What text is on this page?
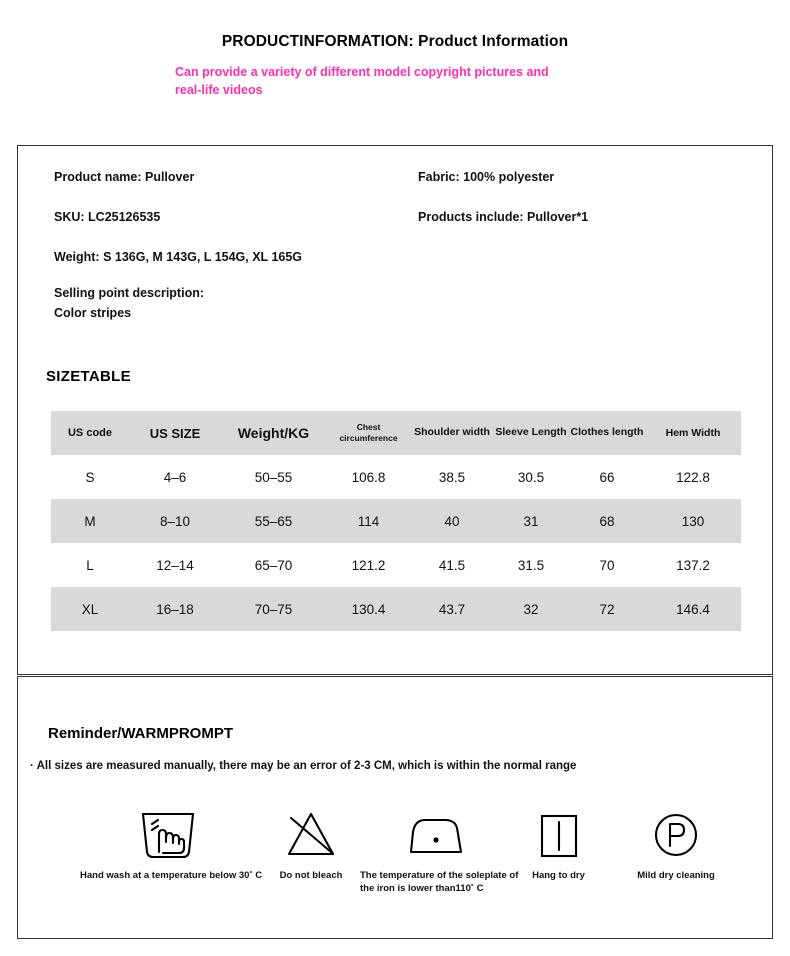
PRODUCTINFORMATION: Product Information
Can provide a variety of different model copyright pictures and real-life videos
Product name: Pullover
SKU: LC25126535
Weight: S 136G, M 143G, L 154G, XL 165G
Selling point description:
Color stripes
Fabric: 100% polyester
Products include: Pullover*1
SIZETABLE
US code	US SIZE	Weight/KG	Chest circumference	Shoulder width	Sleeve Length	Clothes length	Hem Width
S	4–6	50–55	106.8	38.5	30.5	66	122.8
M	8–10	55–65	114	40	31	68	130
L	12–14	65–70	121.2	41.5	31.5	70	137.2
XL	16–18	70–75	130.4	43.7	32	72	146.4
Reminder/WARMPROMPT
· All sizes are measured manually, there may be an error of 2-3 CM, which is within the normal range
Hand wash at a temperature below 30˚ C	Do not bleach	The temperature of the soleplate of the iron is lower than110˚ C
Hang to dry	Mild dry cleaning
